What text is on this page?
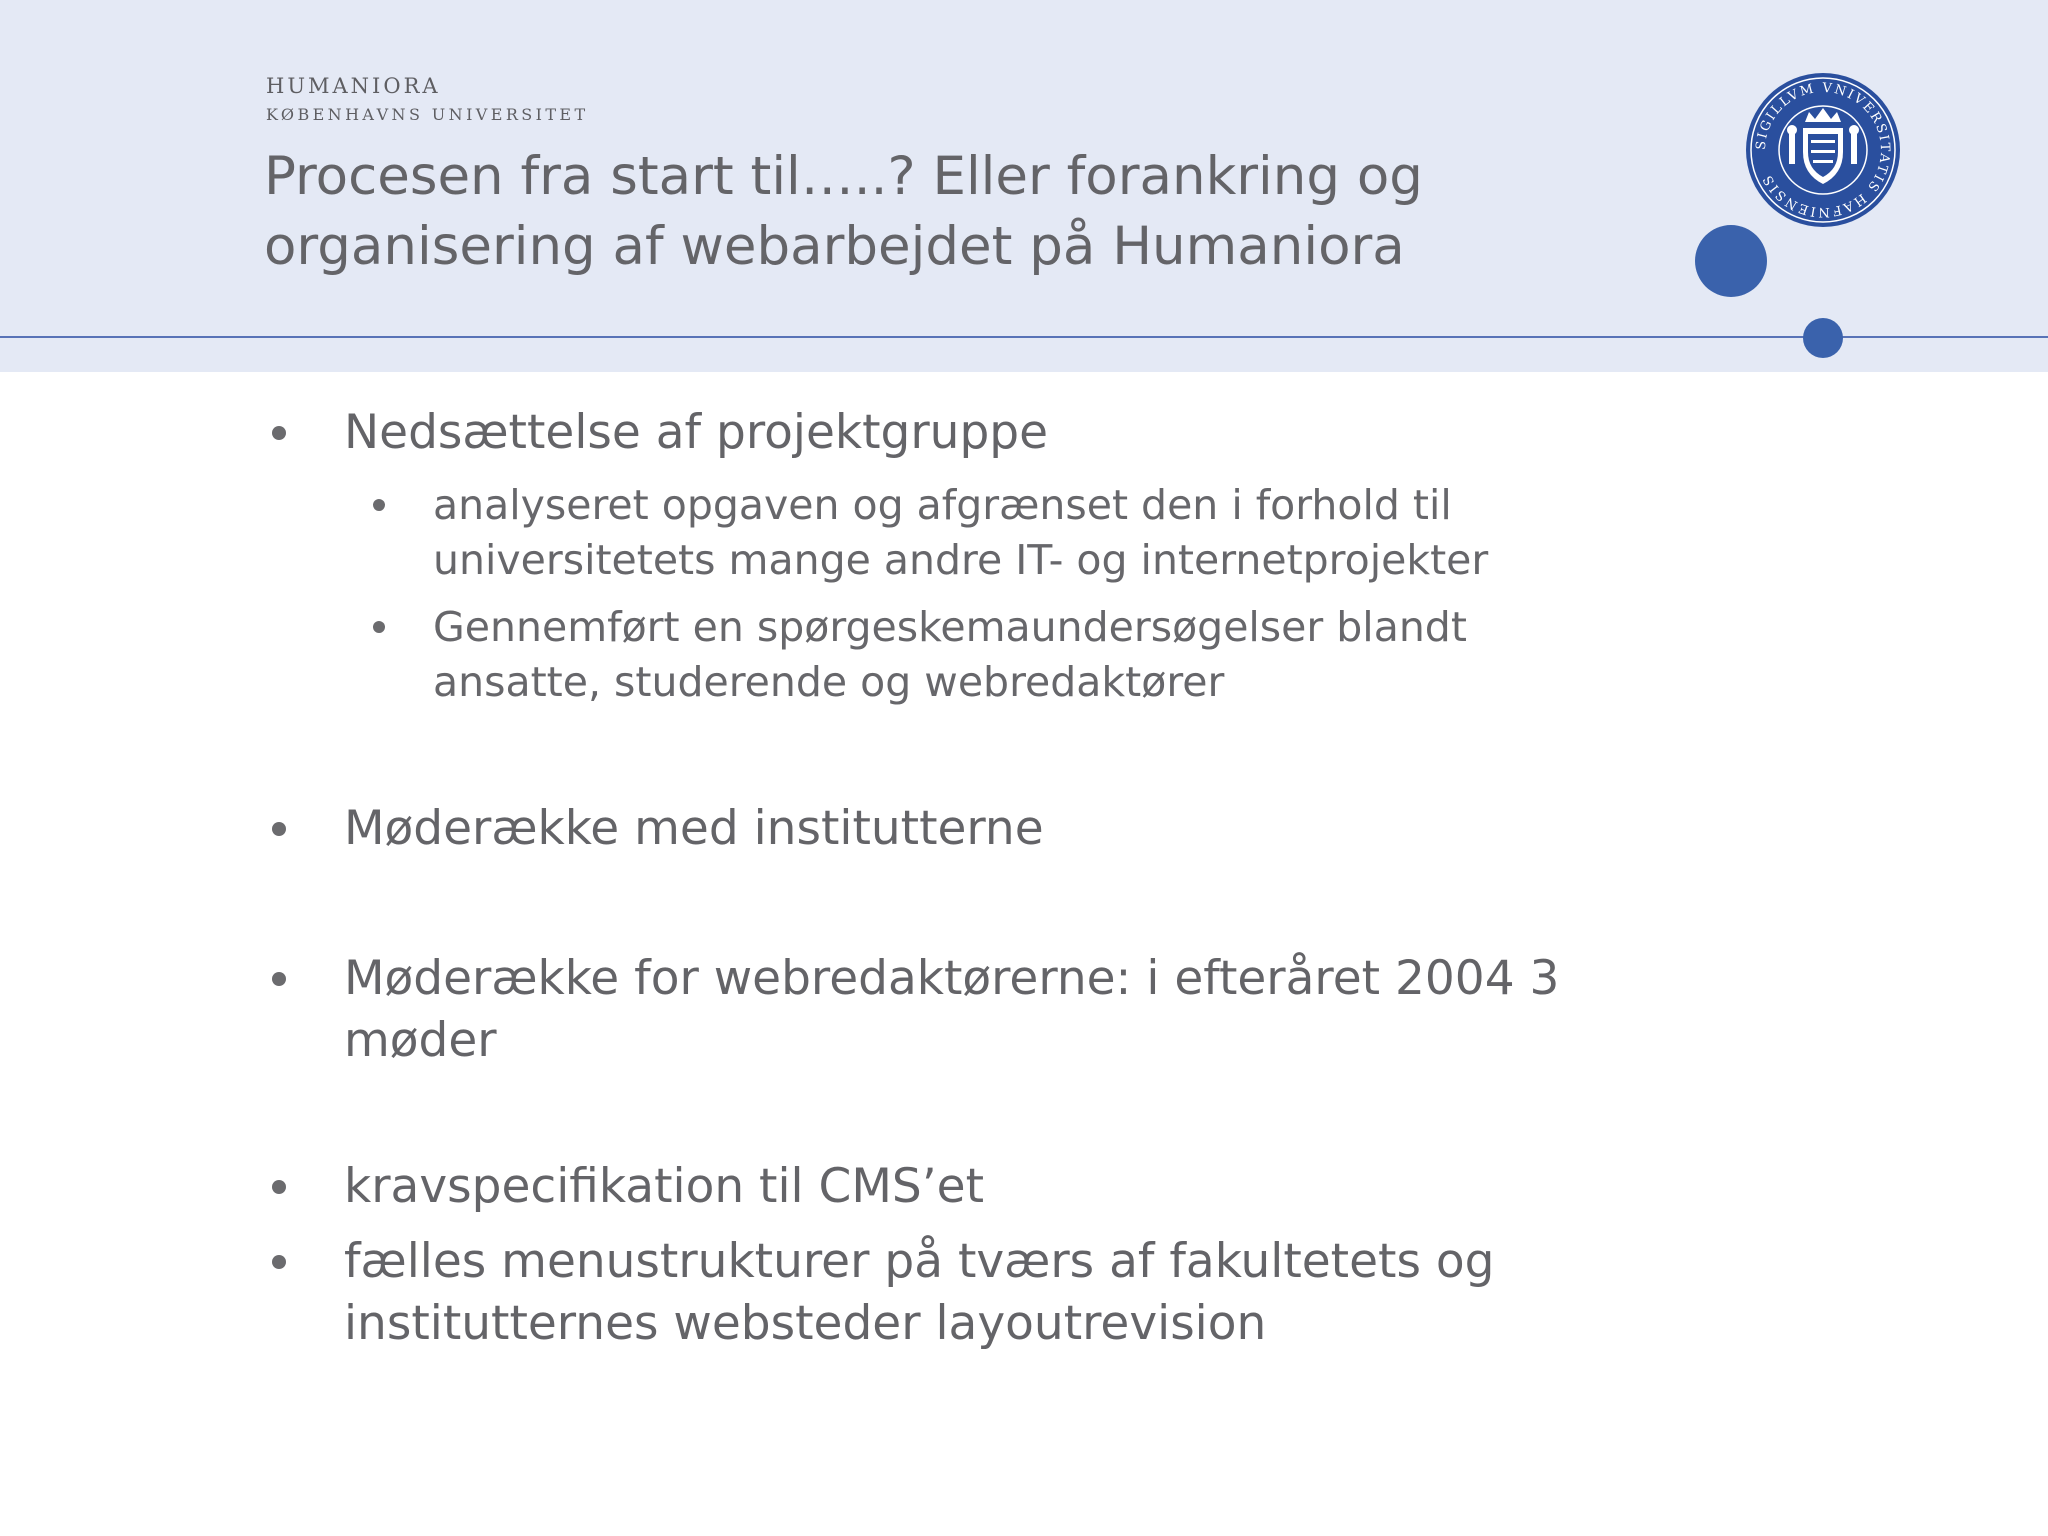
HUMANIORA
KØBENHAVNS UNIVERSITET
Procesen fra start til…..? Eller forankring og
organisering af webarbejdet på Humaniora
SIGILLVM VNIVERSITATIS HAFNIENSIS
Nedsættelse af projektgruppe
analyseret opgaven og afgrænset den i forhold til
universitetets mange andre IT- og internetprojekter
Gennemført en spørgeskemaundersøgelser blandt
ansatte, studerende og webredaktører
Møderække med institutterne
Møderække for webredaktørerne: i efteråret 2004 3
møder
kravspecifikation til CMS’et
fælles menustrukturer på tværs af fakultetets og
institutternes websteder layoutrevision
